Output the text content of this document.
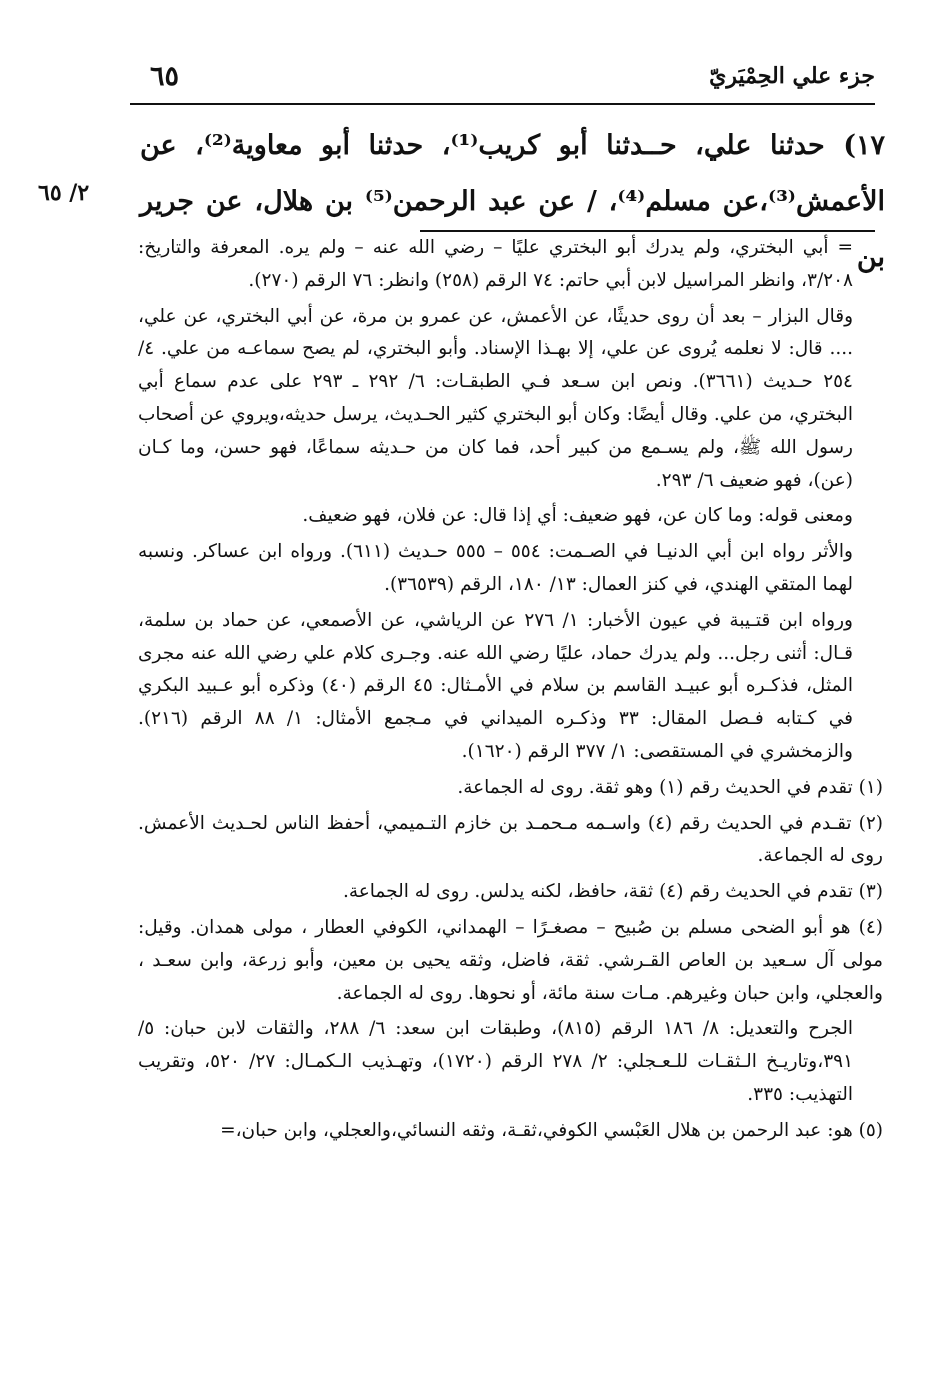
جزء علي الحِمْيَريّ
٦٥

١٧) حدثنا علي، حــدثنا أبو كريب⁽¹⁾، حدثنا أبو معاوية⁽²⁾، عن الأعمش⁽³⁾،عن مسلم⁽⁴⁾، / عن عبد الرحمن⁽⁵⁾ بن هلال، عن جرير بن

٢/ ٦٥

= أبي البختري، ولم يدرك أبو البختري عليًا – رضي الله عنه – ولم يره. المعرفة والتاريخ: ٣/٢٠٨، وانظر المراسيل لابن أبي حاتم: ٧٤ الرقم (٢٥٨) وانظر: ٧٦ الرقم (٢٧٠).

وقال البزار – بعد أن روى حديثًا، عن الأعمش، عن عمرو بن مرة، عن أبي البختري، عن علي، .... قال: لا نعلمه يُروى عن علي، إلا بهـذا الإسناد. وأبو البختري، لم يصح سماعـه من علي. ٤/ ٢٥٤ حـديث (٣٦٦١). ونص ابن سـعد فـي الطبقـات: ٦/ ٢٩٢ ـ ٢٩٣ على عدم سماع أبي البختري، من علي. وقال أيضًا: وكان أبو البختري كثير الحـديث، يرسل حديثه،ويروي عن أصحاب رسول الله ﷺ، ولم يسـمع من كبير أحد، فما كان من حـديثه سماعًا، فهو حسن، وما كـان (عن)، فهو ضعيف ٦/ ٢٩٣.

ومعنى قوله: وما كان عن، فهو ضعيف: أي إذا قال: عن فلان، فهو ضعيف.

والأثر رواه ابن أبي الدنيـا في الصـمت: ٥٥٤ – ٥٥٥ حـديث (٦١١). ورواه ابن عساكر. ونسبه لهما المتقي الهندي، في كنز العمال: ١٣/ ١٨٠، الرقم (٣٦٥٣٩).

ورواه ابن قتـيبة في عيون الأخبار: ١/ ٢٧٦ عن الرياشي، عن الأصمعي، عن حماد بن سلمة، قـال: أثنى رجل... ولم يدرك حماد، عليًا رضي الله عنه. وجـرى كلام علي رضي الله عنه مجرى المثل، فذكـره أبو عبيـد القاسم بن سلام في الأمـثال: ٤٥ الرقم (٤٠) وذكره أبو عـبيد البكري في كـتابه فـصل المقال: ٣٣ وذكـره الميداني في مـجمع الأمثال: ١/ ٨٨ الرقم (٢١٦). والزمخشري في المستقصى: ١/ ٣٧٧ الرقم (١٦٢٠).

(١) تقدم في الحديث رقم (١) وهو ثقة. روى له الجماعة.

(٢) تقـدم في الحديث رقم (٤) واسـمه مـحمـد بن خازم التـميمي، أحفظ الناس لحـديث الأعمش. روى له الجماعة.

(٣) تقدم في الحديث رقم (٤) ثقة، حافظ، لكنه يدلس. روى له الجماعة.

(٤) هو أبو الضحى مسلم بن صُبيح – مصغـرًا – الهمداني، الكوفي العطار ، مولى همدان. وقيل: مولى آل سـعيد بن العاص القـرشي. ثقة، فاضل، وثقه يحيى بن معين، وأبو زرعة، وابن سعـد ، والعجلي، وابن حبان وغيرهم. مـات سنة مائة، أو نحوها. روى له الجماعة.

الجرح والتعديل: ٨/ ١٨٦ الرقم (٨١٥)، وطبقات ابن سعد: ٦/ ٢٨٨، والثقات لابن حبان: ٥/ ٣٩١،وتاريـخ الـثقـات للـعـجلي: ٢/ ٢٧٨ الرقم (١٧٢٠)، وتهـذيب الـكمـال: ٢٧/ ٥٢٠، وتقريب التهذيب: ٣٣٥.

(٥) هو: عبد الرحمن بن هلال العَبْسي الكوفي،ثقـة، وثقه النسائي،والعجلي، وابن حبان،=
